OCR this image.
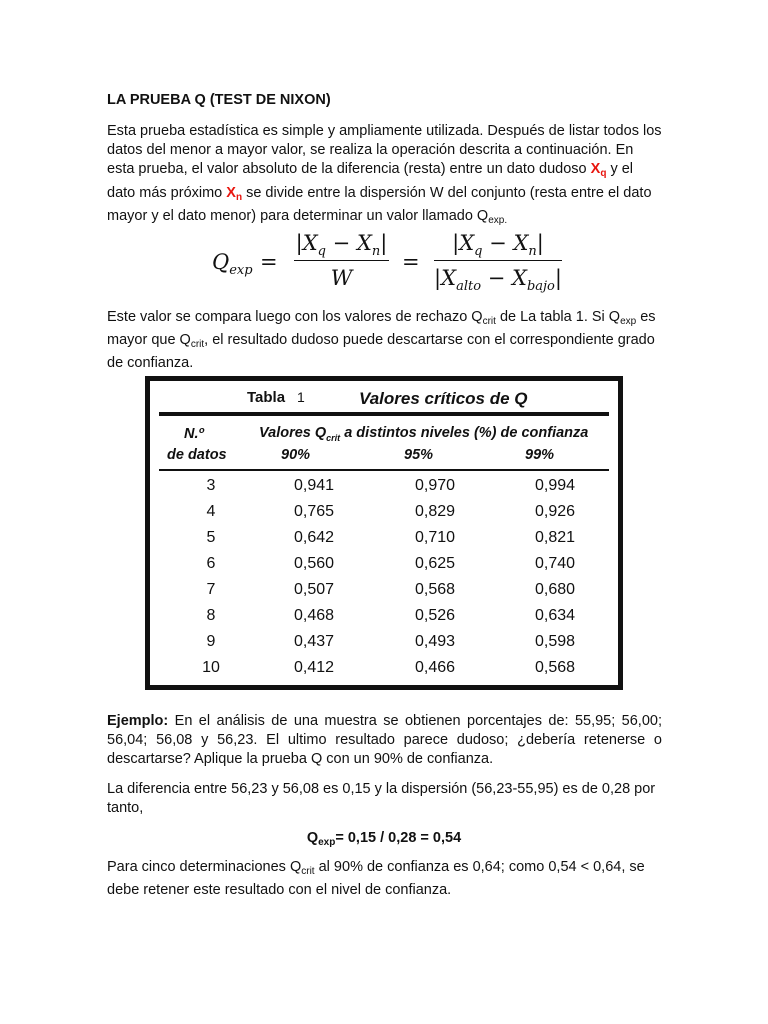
LA PRUEBA Q (TEST DE NIXON)
Esta prueba estadística es simple y ampliamente utilizada. Después de listar todos los datos del menor a mayor valor, se realiza la operación descrita a continuación. En esta prueba, el valor absoluto de la diferencia (resta) entre un dato dudoso $X_q$ y el dato más próximo $X_n$ se divide entre la dispersión W del conjunto (resta entre el dato mayor y el dato menor) para determinar un valor llamado $Q_{exp.}$
$Q_{exp}$ =
$|X_q - X_n|$
W
=
$|X_q - X_n|$
$|X_{alto} - X_{bajo}|$
Este valor se compara luego con los valores de rechazo $Q_{crit}$ de La tabla 1. Si $Q_{exp}$ es mayor que $Q_{crit}$, el resultado dudoso puede descartarse con el correspondiente grado de confianza.
Tabla 1	Valores críticos de Q
N.º
de datos
Valores $Q_{crit}$ a distintos niveles (%) de confianza
90%	95%	99%
3	0,941	0,970	0,994
4	0,765	0,829	0,926
5	0,642	0,710	0,821
6	0,560	0,625	0,740
7	0,507	0,568	0,680
8	0,468	0,526	0,634
9	0,437	0,493	0,598
10	0,412	0,466	0,568
Ejemplo: En el análisis de una muestra se obtienen porcentajes de: 55,95; 56,00; 56,04; 56,08 y 56,23. El ultimo resultado parece dudoso; ¿debería retenerse o descartarse? Aplique la prueba Q con un 90% de confianza.
La diferencia entre 56,23 y 56,08 es 0,15 y la dispersión (56,23-55,95) es de 0,28 por tanto,
$Q_{exp}= 0,15 / 0,28 = 0,54$
Para cinco determinaciones $Q_{crit}$ al 90% de confianza es 0,64; como 0,54 < 0,64, se debe retener este resultado con el nivel de confianza.
